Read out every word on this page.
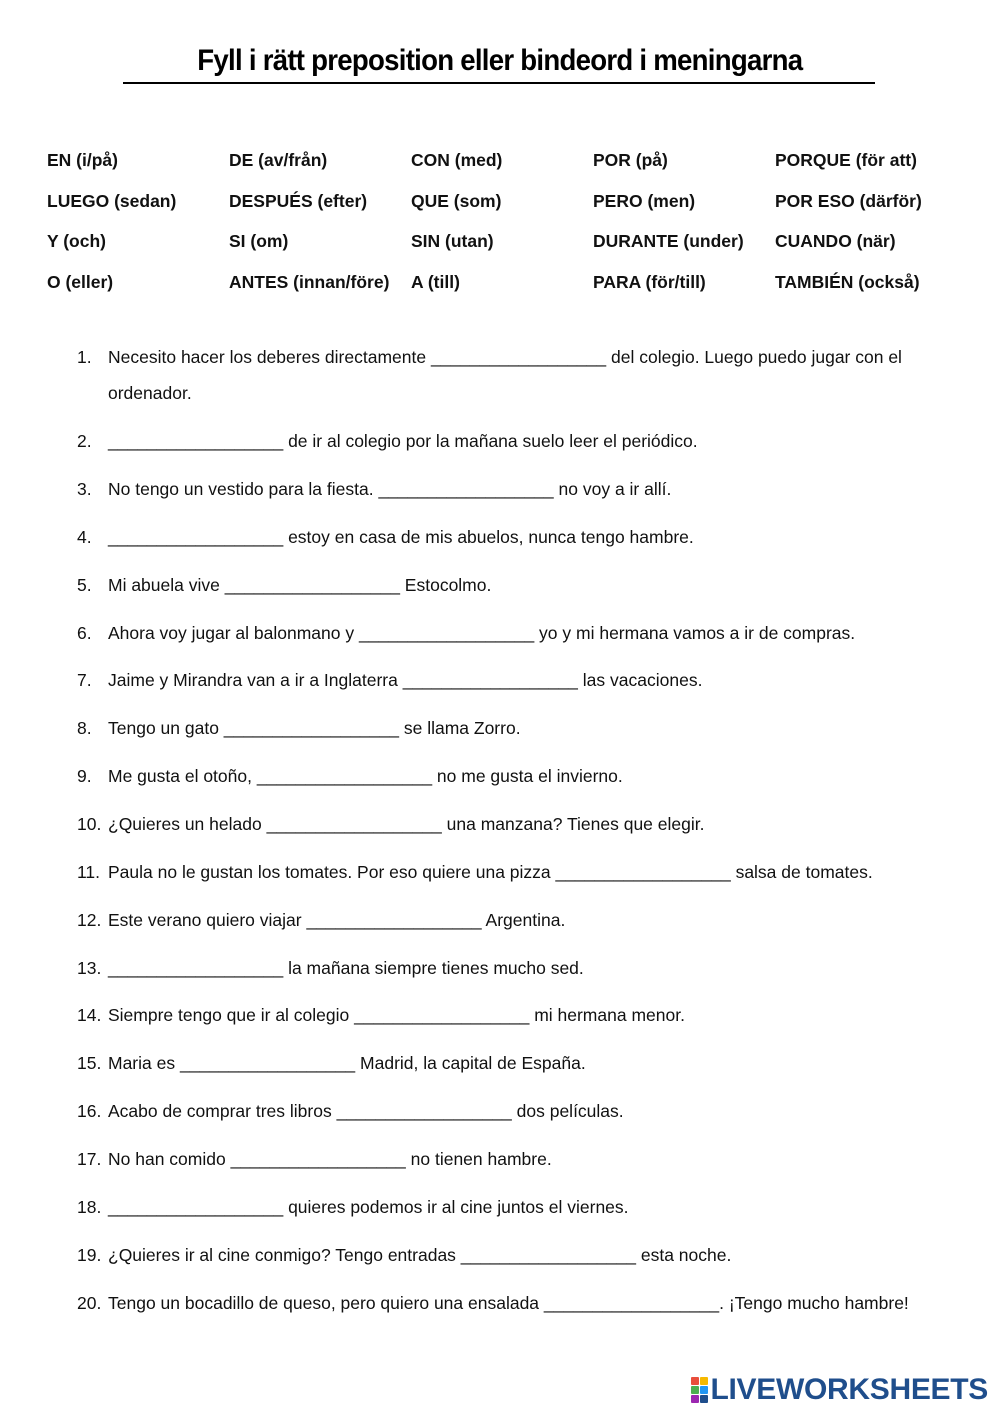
Fyll i rätt preposition eller bindeord i meningarna
EN (i/på)	DE (av/från)	CON (med)	POR (på)	PORQUE (för att)
LUEGO (sedan)	DESPUÉS (efter)	QUE (som)	PERO (men)	POR ESO (därför)
Y (och)	SI (om)	SIN (utan)	DURANTE (under)	CUANDO (när)
O (eller)	ANTES (innan/före)	A (till)	PARA (för/till)	TAMBIÉN (också)
1. Necesito hacer los deberes directamente __________________ del colegio. Luego puedo jugar con el ordenador.
2. __________________ de ir al colegio por la mañana suelo leer el periódico.
3. No tengo un vestido para la fiesta. __________________ no voy a ir allí.
4. __________________ estoy en casa de mis abuelos, nunca tengo hambre.
5. Mi abuela vive __________________ Estocolmo.
6. Ahora voy jugar al balonmano y __________________ yo y mi hermana vamos a ir de compras.
7. Jaime y Mirandra van a ir a Inglaterra __________________ las vacaciones.
8. Tengo un gato __________________ se llama Zorro.
9. Me gusta el otoño, __________________ no me gusta el invierno.
10. ¿Quieres un helado __________________ una manzana? Tienes que elegir.
11. Paula no le gustan los tomates. Por eso quiere una pizza __________________ salsa de tomates.
12. Este verano quiero viajar __________________ Argentina.
13. __________________ la mañana siempre tienes mucho sed.
14. Siempre tengo que ir al colegio __________________ mi hermana menor.
15. Maria es __________________ Madrid, la capital de España.
16. Acabo de comprar tres libros __________________ dos películas.
17. No han comido __________________ no tienen hambre.
18. __________________ quieres podemos ir al cine juntos el viernes.
19. ¿Quieres ir al cine conmigo? Tengo entradas __________________ esta noche.
20. Tengo un bocadillo de queso, pero quiero una ensalada __________________. ¡Tengo mucho hambre!
LIVEWORKSHEETS
